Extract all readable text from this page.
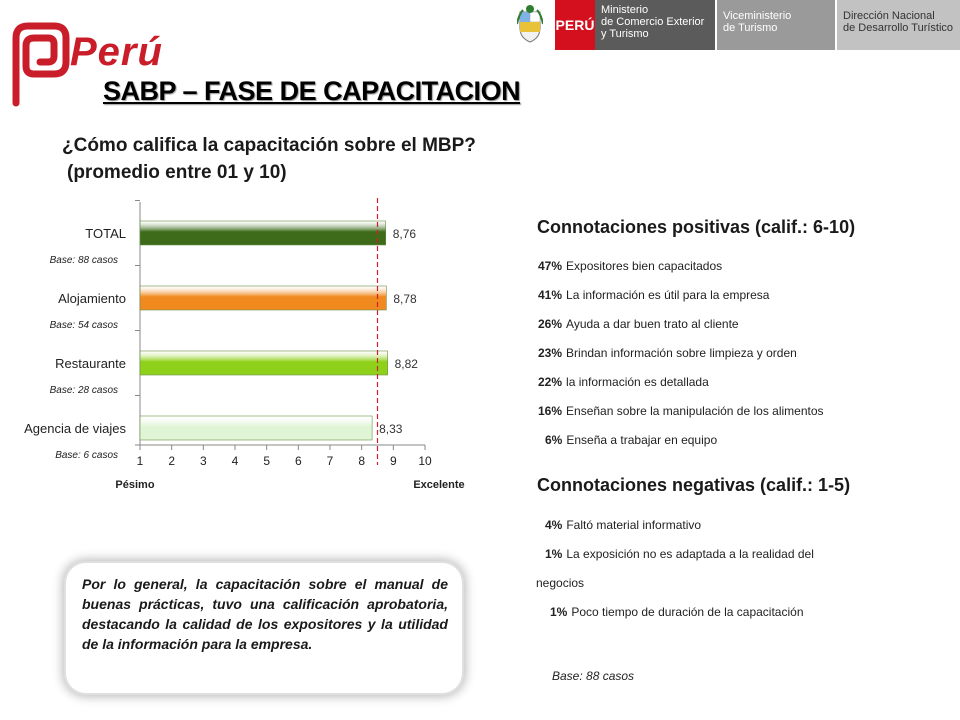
PERÚ
Ministerio
de Comercio Exterior
y Turismo
Viceministerio
de Turismo
Dirección Nacional
de Desarrollo Turístico
Perú
SABP – FASE DE CAPACITACION
¿Cómo califica la capacitación sobre el MBP?
(promedio entre 01 y 10)
TOTAL
Base: 88 casos
8,76
Alojamiento
Base: 54 casos
8,78
Restaurante
Base: 28 casos
8,82
Agencia de viajes
Base: 6 casos
8,33
1 2 3 4 5 6 7 8 9 10
Pésimo	Excelente
Connotaciones positivas (calif.: 6-10)
47% Expositores bien capacitados
41% La información es útil para la empresa
26% Ayuda a dar buen trato al cliente
23% Brindan información sobre limpieza y orden
22% la información es detallada
16% Enseñan sobre la manipulación de los alimentos
6% Enseña a trabajar en equipo
Connotaciones negativas (calif.: 1-5)
4% Faltó material informativo
1% La exposición no es adaptada a la realidad del
negocios
1% Poco tiempo de duración de la capacitación
Base: 88 casos
Por lo general, la capacitación sobre el manual de buenas prácticas, tuvo una calificación aprobatoria, destacando la calidad de los expositores y la utilidad de la información para la empresa.
